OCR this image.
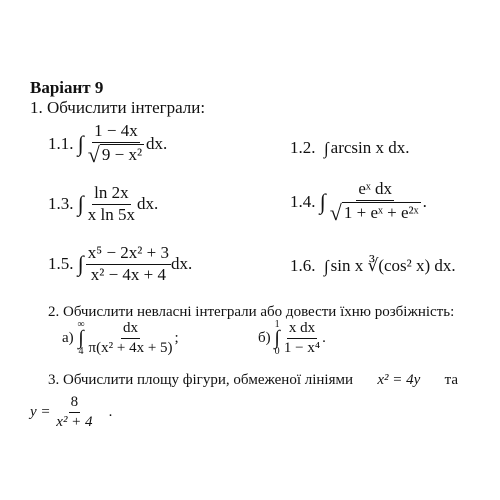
Варіант 9
1. Обчислити інтеграли:
1.1.
∫ $\frac{1 - 4x}{\text{√ 9 − x²}}$ dx.	1.2. ∫ arcsin x dx.
1.3.
∫ $\frac{\ln 2x}{\text{x ln 5x}}$ dx.	1.4.
∫ $\frac{\text{eˣ dx}}{\text{√ 1 + eˣ + e²ˣ}}$ .
1.5.
∫ $\frac{\text{x⁵ − 2x² + 3}}{\text{x² − 4x + 4}}$ dx.	1.6. ∫ sin x ∛(cos² x) dx.
2. Обчислити невласні інтеграли або довести їхню розбіжність:
а)

∞
∫
$4 \frac{dx}{\text{π(x² + 4x + 5)}}$ ;	б)

1
∫
$0 \frac{\text{x dx}}{\text{1 − x⁴}}$ .
3. Обчислити площу фігури, обмеженої лініями x² = 4y та
y =
$\frac{8}{\text{x² + 4}}$ .
